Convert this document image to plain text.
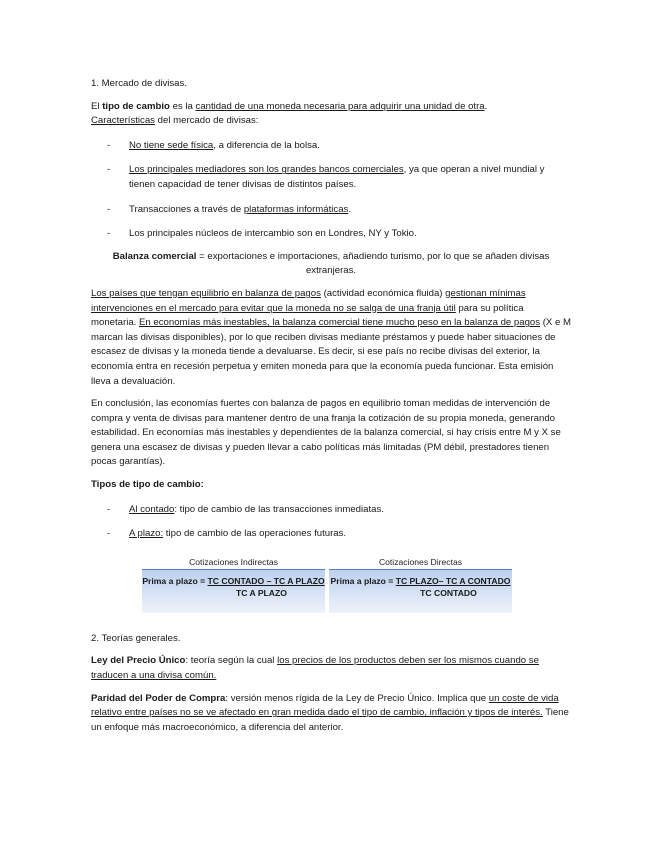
1. Mercado de divisas.

El tipo de cambio es la cantidad de una moneda necesaria para adquirir una unidad de otra.
Características del mercado de divisas:

- No tiene sede física, a diferencia de la bolsa.
- Los principales mediadores son los grandes bancos comerciales, ya que operan a nivel mundial y tienen capacidad de tener divisas de distintos países.
- Transacciones a través de plataformas informáticas.
- Los principales núcleos de intercambio son en Londres, NY y Tokio.

Balanza comercial = exportaciones e importaciones, añadiendo turismo, por lo que se añaden divisas extranjeras.

Los países que tengan equilibrio en balanza de pagos (actividad económica fluida) gestionan mínimas intervenciones en el mercado para evitar que la moneda no se salga de una franja útil para su política monetaria. En economías más inestables, la balanza comercial tiene mucho peso en la balanza de pagos (X e M marcan las divisas disponibles), por lo que reciben divisas mediante préstamos y puede haber situaciones de escasez de divisas y la moneda tiende a devaluarse. Es decir, si ese país no recibe divisas del exterior, la economía entra en recesión perpetua y emiten moneda para que la economía pueda funcionar. Esta emisión lleva a devaluación.

En conclusión, las economías fuertes con balanza de pagos en equilibrio toman medidas de intervención de compra y venta de divisas para mantener dentro de una franja la cotización de su propia moneda, generando estabilidad. En economías más inestables y dependientes de la balanza comercial, si hay crisis entre M y X se genera una escasez de divisas y pueden llevar a cabo políticas más limitadas (PM débil, prestadores tienen pocas garantías).

Tipos de tipo de cambio:

- Al contado: tipo de cambio de las transacciones inmediatas.
- A plazo: tipo de cambio de las operaciones futuras.
Cotizaciones Indirectas
Prima a plazo = TC CONTADO – TC A PLAZO
TC A PLAZO
Cotizaciones Directas
Prima a plazo = TC PLAZO– TC A CONTADO
TC CONTADO

2. Teorías generales.

Ley del Precio Único: teoría según la cual los precios de los productos deben ser los mismos cuando se traducen a una divisa común.

Paridad del Poder de Compra: versión menos rígida de la Ley de Precio Único. Implica que un coste de vida relativo entre países no se ve afectado en gran medida dado el tipo de cambio, inflación y tipos de interés. Tiene un enfoque más macroeconómico, a diferencia del anterior.
